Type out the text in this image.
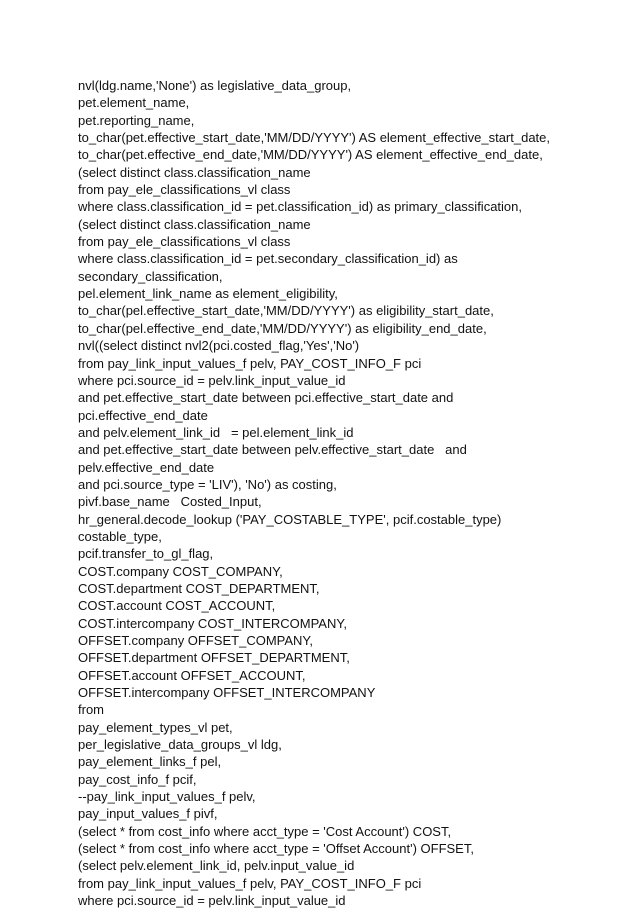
nvl(ldg.name,'None') as legislative_data_group,
pet.element_name,
pet.reporting_name,
to_char(pet.effective_start_date,'MM/DD/YYYY') AS element_effective_start_date,
to_char(pet.effective_end_date,'MM/DD/YYYY') AS element_effective_end_date,
(select distinct class.classification_name
from pay_ele_classifications_vl class
where class.classification_id = pet.classification_id) as primary_classification,
(select distinct class.classification_name
from pay_ele_classifications_vl class
where class.classification_id = pet.secondary_classification_id) as
secondary_classification,
pel.element_link_name as element_eligibility,
to_char(pel.effective_start_date,'MM/DD/YYYY') as eligibility_start_date,
to_char(pel.effective_end_date,'MM/DD/YYYY') as eligibility_end_date,
nvl((select distinct nvl2(pci.costed_flag,'Yes','No')
from pay_link_input_values_f pelv, PAY_COST_INFO_F pci
where pci.source_id = pelv.link_input_value_id
and pet.effective_start_date between pci.effective_start_date and
pci.effective_end_date
and pelv.element_link_id   = pel.element_link_id
and pet.effective_start_date between pelv.effective_start_date   and
pelv.effective_end_date
and pci.source_type = 'LIV'), 'No') as costing,
pivf.base_name   Costed_Input,
hr_general.decode_lookup ('PAY_COSTABLE_TYPE', pcif.costable_type)
costable_type,
pcif.transfer_to_gl_flag,
COST.company COST_COMPANY,
COST.department COST_DEPARTMENT,
COST.account COST_ACCOUNT,
COST.intercompany COST_INTERCOMPANY,
OFFSET.company OFFSET_COMPANY,
OFFSET.department OFFSET_DEPARTMENT,
OFFSET.account OFFSET_ACCOUNT,
OFFSET.intercompany OFFSET_INTERCOMPANY
from
pay_element_types_vl pet,
per_legislative_data_groups_vl ldg,
pay_element_links_f pel,
pay_cost_info_f pcif,
--pay_link_input_values_f pelv,
pay_input_values_f pivf,
(select * from cost_info where acct_type = 'Cost Account') COST,
(select * from cost_info where acct_type = 'Offset Account') OFFSET,
(select pelv.element_link_id, pelv.input_value_id
from pay_link_input_values_f pelv, PAY_COST_INFO_F pci
where pci.source_id = pelv.link_input_value_id
